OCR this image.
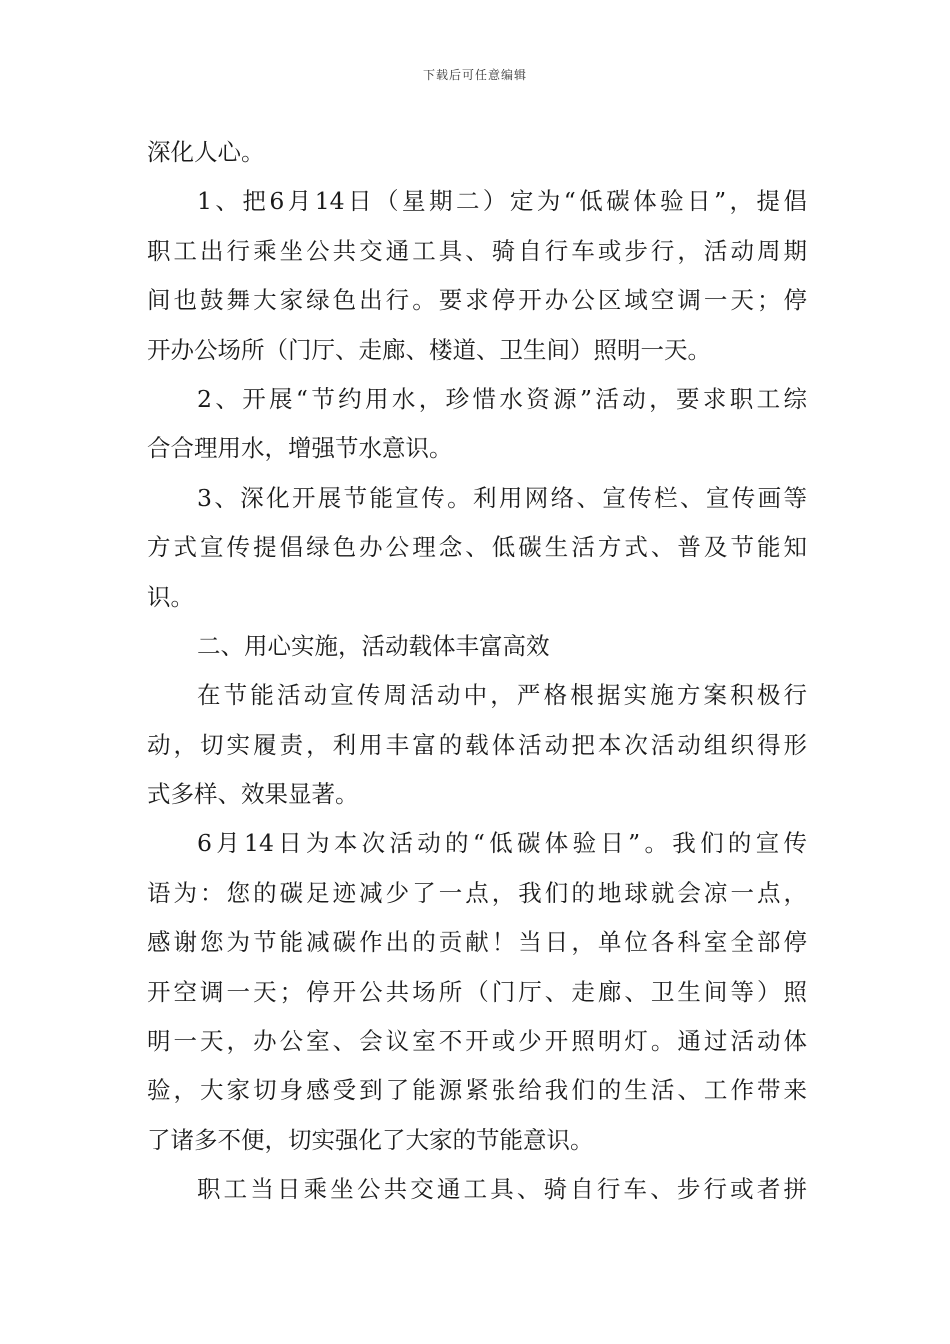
下载后可任意编辑
深化人心。
1、把6月14日（星期二）定为“低碳体验日”，提倡
职工出行乘坐公共交通工具、骑自行车或步行，活动周期
间也鼓舞大家绿色出行。要求停开办公区域空调一天；停
开办公场所（门厅、走廊、楼道、卫生间）照明一天。
2、开展“节约用水，珍惜水资源”活动，要求职工综
合合理用水，增强节水意识。
3、深化开展节能宣传。利用网络、宣传栏、宣传画等
方式宣传提倡绿色办公理念、低碳生活方式、普及节能知
识。
二、用心实施，活动载体丰富高效
在节能活动宣传周活动中，严格根据实施方案积极行
动，切实履责，利用丰富的载体活动把本次活动组织得形
式多样、效果显著。
6月14日为本次活动的“低碳体验日”。我们的宣传
语为：您的碳足迹减少了一点，我们的地球就会凉一点，
感谢您为节能减碳作出的贡献！当日，单位各科室全部停
开空调一天；停开公共场所（门厅、走廊、卫生间等）照
明一天，办公室、会议室不开或少开照明灯。通过活动体
验，大家切身感受到了能源紧张给我们的生活、工作带来
了诸多不便，切实强化了大家的节能意识。
职工当日乘坐公共交通工具、骑自行车、步行或者拼
